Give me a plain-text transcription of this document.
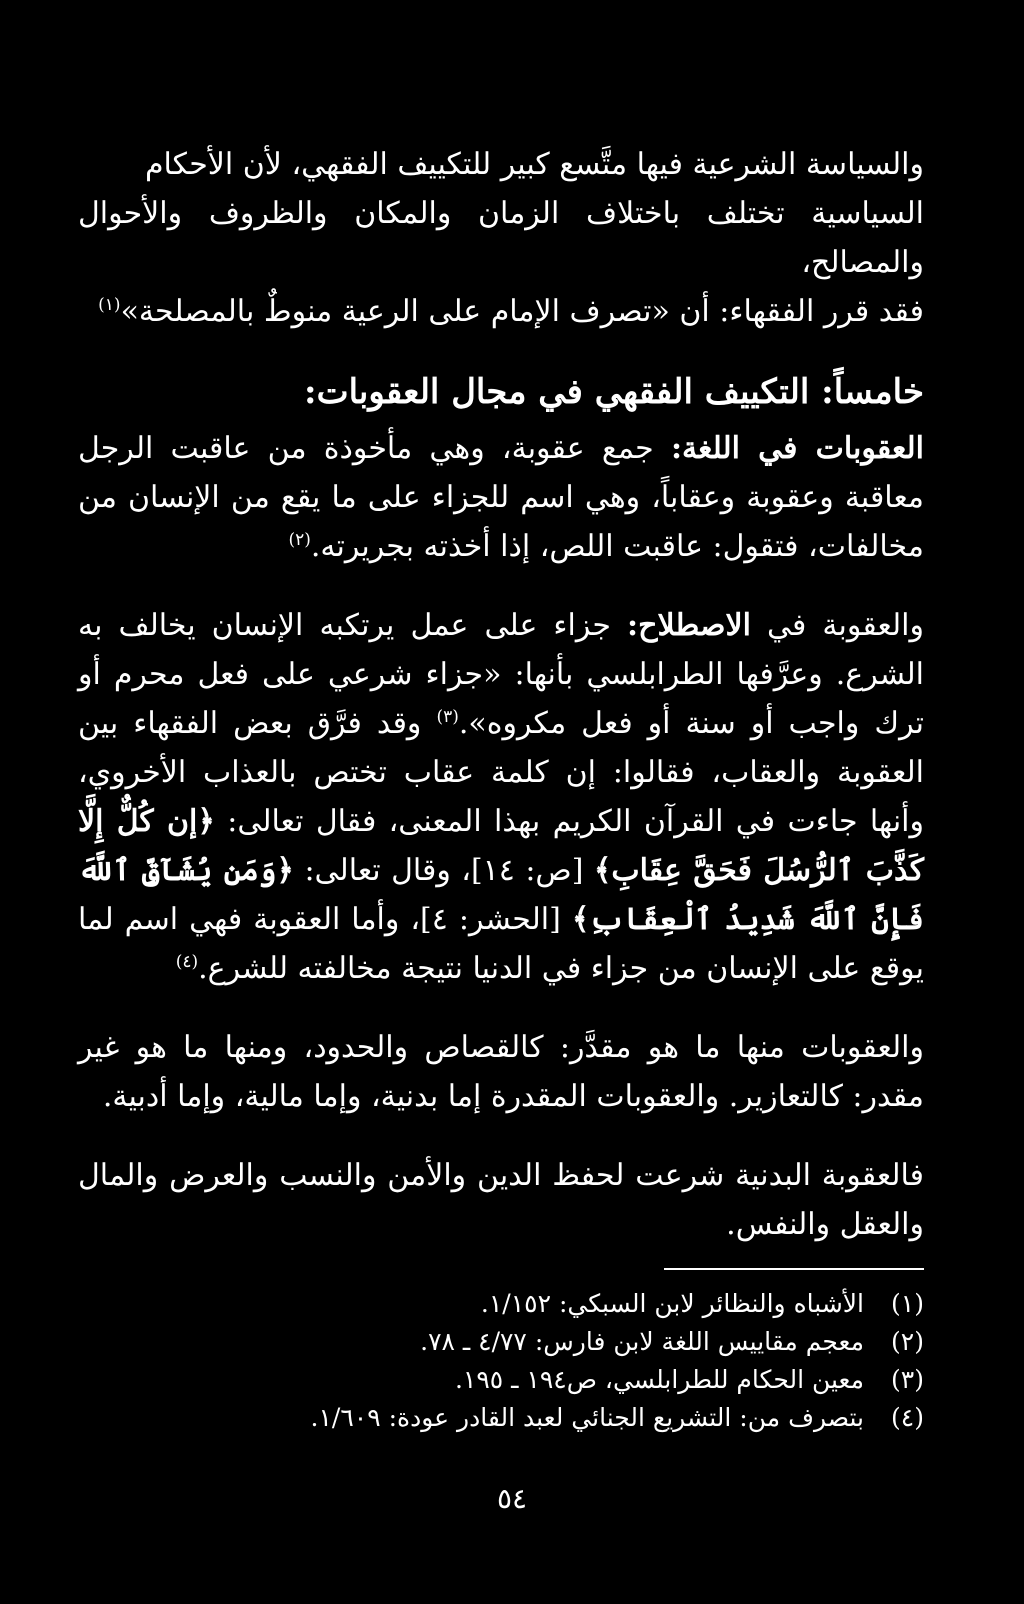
والسياسة الشرعية فيها متَّسع كبير للتكييف الفقهي، لأن الأحكام

السياسية تختلف باختلاف الزمان والمكان والظروف والأحوال والمصالح،

فقد قرر الفقهاء: أن «تصرف الإمام على الرعية منوطٌ بالمصلحة»$^{(١)}$

خامساً: التكييف الفقهي في مجال العقوبات:
العقوبات في اللغة: جمع عقوبة، وهي مأخوذة من عاقبت الرجل معاقبة وعقوبة وعقاباً، وهي اسم للجزاء على ما يقع من الإنسان من مخالفات، فتقول: عاقبت اللص، إذا أخذته بجريرته.$^{(٢)}$
والعقوبة في الاصطلاح: جزاء على عمل يرتكبه الإنسان يخالف به الشرع. وعرَّفها الطرابلسي بأنها: «جزاء شرعي على فعل محرم أو ترك واجب أو سنة أو فعل مكروه».$^{(٣)}$ وقد فرَّق بعض الفقهاء بين العقوبة والعقاب، فقالوا: إن كلمة عقاب تختص بالعذاب الأخروي، وأنها جاءت في القرآن الكريم بهذا المعنى، فقال تعالى: ﴿إن كُلٌّ إِلَّا كَذَّبَ ٱلرُّسُلَ فَحَقَّ عِقَابِ﴾ [ص: ١٤]، وقال تعالى: ﴿وَمَن يُشَآقِّ ٱللَّهَ فَإِنَّ ٱللَّهَ شَدِيدُ ٱلْعِقَابِ﴾ [الحشر: ٤]، وأما العقوبة فهي اسم لما يوقع على الإنسان من جزاء في الدنيا نتيجة مخالفته للشرع.$^{(٤)}$
والعقوبات منها ما هو مقدَّر: كالقصاص والحدود، ومنها ما هو غير مقدر: كالتعازير. والعقوبات المقدرة إما بدنية، وإما مالية، وإما أدبية.
فالعقوبة البدنية شرعت لحفظ الدين والأمن والنسب والعرض والمال والعقل والنفس.
(١)
الأشباه والنظائر لابن السبكي: ١/١٥٢.
(٢)
معجم مقاييس اللغة لابن فارس: ٤/٧٧ ـ ٧٨.
(٣)
معين الحكام للطرابلسي، ص١٩٤ ـ ١٩٥.
(٤)
بتصرف من: التشريع الجنائي لعبد القادر عودة: ١/٦٠٩.
٥٤
